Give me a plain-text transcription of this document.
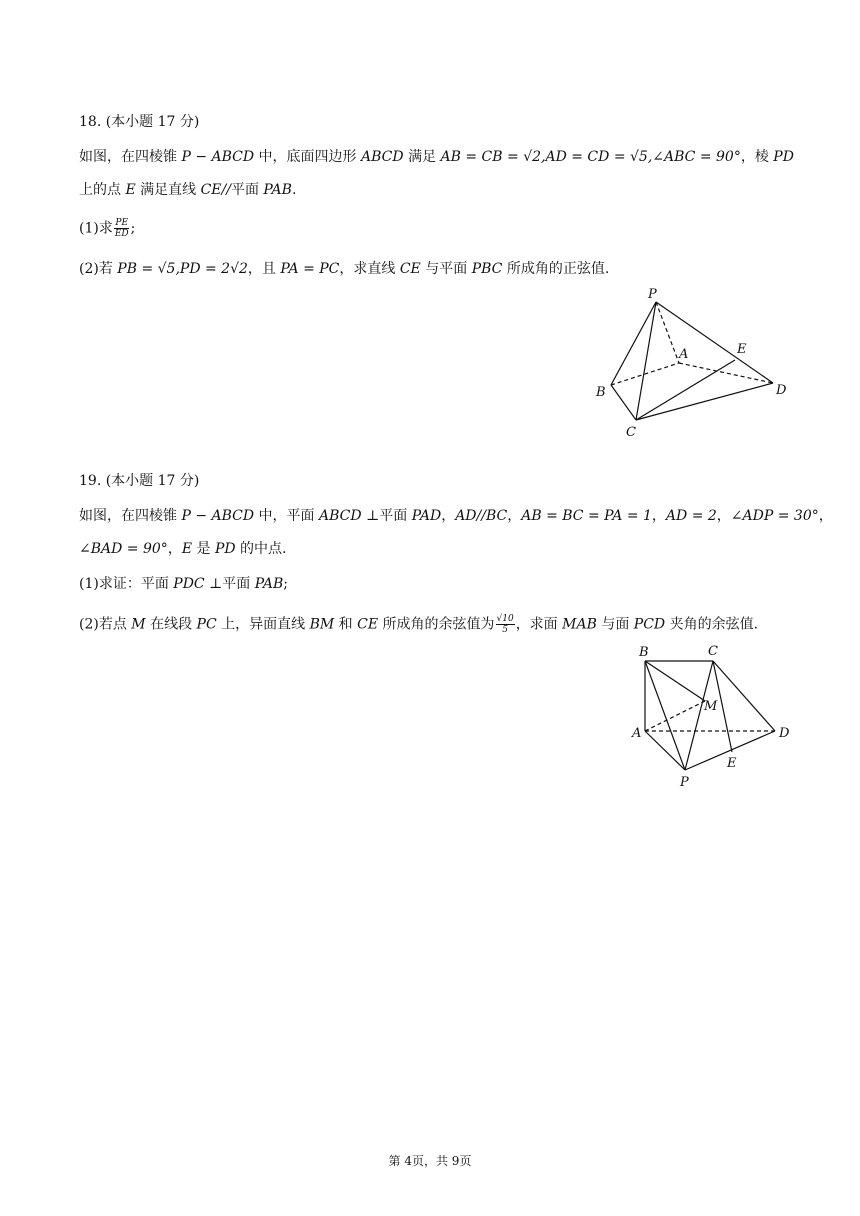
18. (本小题 17 分)
如图，在四棱锥 P − ABCD 中，底面四边形 ABCD 满足 AB = CB = √2,AD = CD = √5,∠ABC = 90°，棱 PD
上的点 E 满足直线 CE//平面 PAB.
(1)求 $\frac{PE}{ED}$ ;
(2)若 PB = √5,PD = 2√2，且 PA = PC，求直线 CE 与平面 PBC 所成角的正弦值.
P
A	E
B	D
C
19. (本小题 17 分)
如图，在四棱锥 P − ABCD 中，平面 ABCD ⊥平面 PAD，AD//BC，AB = BC = PA = 1，AD = 2，∠ADP = 30°，
∠BAD = 90°，E 是 PD 的中点.
(1)求证：平面 PDC ⊥平面 PAB;
(2)若点 M 在线段 PC 上，异面直线 BM 和 CE 所成角的余弦值为 $\frac{√10}{5}$ ，求面 MAB 与面 PCD 夹角的余弦值.
B	C
M
A	D
E
P
第 4页，共 9页
